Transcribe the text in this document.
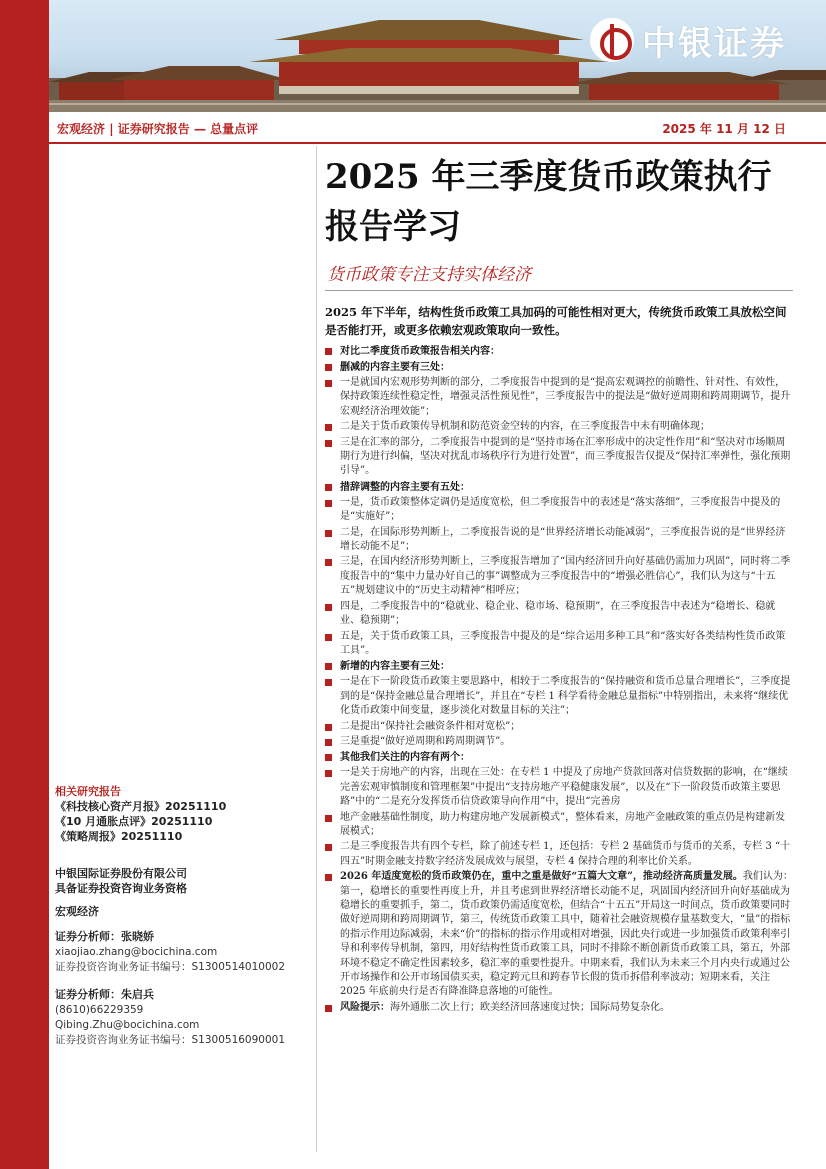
中银证券
宏观经济 | 证券研究报告 — 总量点评	2025 年 11 月 12 日
2025 年三季度货币政策执行报告学习
货币政策专注支持实体经济

2025 年下半年，结构性货币政策工具加码的可能性相对更大，传统货币政策工具放松空间是否能打开，或更多依赖宏观政策取向一致性。

对比二季度货币政策报告相关内容：
删减的内容主要有三处：
一是就国内宏观形势判断的部分，二季度报告中提到的是“提高宏观调控的前瞻性、针对性、有效性，保持政策连续性稳定性，增强灵活性预见性”，三季度报告中的提法是“做好逆周期和跨周期调节，提升宏观经济治理效能”；
二是关于货币政策传导机制和防范资金空转的内容，在三季度报告中未有明确体现；
三是在汇率的部分，二季度报告中提到的是“坚持市场在汇率形成中的决定性作用”和“坚决对市场顺周期行为进行纠偏，坚决对扰乱市场秩序行为进行处置”，而三季度报告仅提及“保持汇率弹性，强化预期引导”。
措辞调整的内容主要有五处：
一是，货币政策整体定调仍是适度宽松，但二季度报告中的表述是“落实落细”，三季度报告中提及的是“实施好”；
二是，在国际形势判断上，二季度报告说的是“世界经济增长动能减弱”，三季度报告说的是“世界经济增长动能不足”；
三是，在国内经济形势判断上，三季度报告增加了“国内经济回升向好基础仍需加力巩固”，同时将二季度报告中的“集中力量办好自己的事”调整成为三季度报告中的“增强必胜信心”，我们认为这与“十五五”规划建议中的“历史主动精神”相呼应；
四是，二季度报告中的“稳就业、稳企业、稳市场、稳预期”，在三季度报告中表述为“稳增长、稳就业、稳预期”；
五是，关于货币政策工具，三季度报告中提及的是“综合运用多种工具”和“落实好各类结构性货币政策工具”。
新增的内容主要有三处：
一是在下一阶段货币政策主要思路中，相较于二季度报告的“保持融资和货币总量合理增长”，三季度提到的是“保持金融总量合理增长”，并且在“专栏 1 科学看待金融总量指标”中特别指出，未来将“继续优化货币政策中间变量，逐步淡化对数量目标的关注”；
二是提出“保持社会融资条件相对宽松”；
三是重提“做好逆周期和跨周期调节”。
其他我们关注的内容有两个：
一是关于房地产的内容，出现在三处：在专栏 1 中提及了房地产贷款回落对信贷数据的影响，在“继续完善宏观审慎制度和管理框架”中提出“支持房地产平稳健康发展”，以及在“下一阶段货币政策主要思路”中的“二是充分发挥货币信贷政策导向作用”中，提出“完善房
地产金融基础性制度，助力构建房地产发展新模式”，整体看来，房地产金融政策的重点仍是构建新发展模式；
二是三季度报告共有四个专栏，除了前述专栏 1，还包括：专栏 2 基础货币与货币的关系，专栏 3 “十四五”时期金融支持数字经济发展成效与展望，专栏 4 保持合理的利率比价关系。
2026 年适度宽松的货币政策仍在，重中之重是做好“五篇大文章”，推动经济高质量发展。我们认为：第一，稳增长的重要性再度上升，并且考虑到世界经济增长动能不足，巩固国内经济回升向好基础成为稳增长的重要抓手，第二，货币政策仍需适度宽松，但结合“十五五”开局这一时间点，货币政策要同时做好逆周期和跨周期调节，第三，传统货币政策工具中，随着社会融资规模存量基数变大，“量”的指标的指示作用边际减弱，未来“价”的指标的指示作用或相对增强，因此央行或进一步加强货币政策利率引导和利率传导机制，第四，用好结构性货币政策工具，同时不排除不断创新货币政策工具，第五，外部环境不稳定不确定性因素较多，稳汇率的重要性提升。中期来看，我们认为未来三个月内央行或通过公开市场操作和公开市场国债买卖，稳定跨元旦和跨春节长假的货币拆借利率波动；短期来看，关注 2025 年底前央行是否有降准降息落地的可能性。
风险提示：海外通胀二次上行；欧美经济回落速度过快；国际局势复杂化。
相关研究报告
《科技核心资产月报》20251110
《10 月通胀点评》20251110
《策略周报》20251110
中银国际证券股份有限公司
具备证券投资咨询业务资格
宏观经济
证券分析师：张晓娇
xiaojiao.zhang@bocichina.com
证券投资咨询业务证书编号：S1300514010002
证券分析师：朱启兵
(8610)66229359
Qibing.Zhu@bocichina.com
证券投资咨询业务证书编号：S1300516090001
